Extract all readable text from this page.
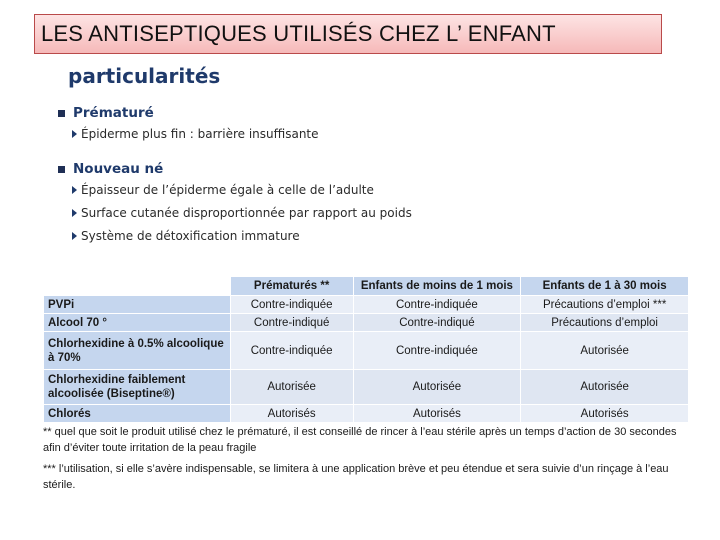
LES ANTISEPTIQUES UTILISÉS CHEZ L’ ENFANT
particularités
Prématuré
Épiderme plus fin : barrière insuffisante
Nouveau né
Épaisseur de l’épiderme égale à celle de l’adulte
Surface cutanée disproportionnée par rapport au poids
Système de détoxification immature
	Prématurés **	Enfants de moins de 1 mois	Enfants de 1 à 30 mois
PVPi	Contre-indiquée	Contre-indiquée	Précautions d’emploi ***
Alcool 70 °	Contre-indiqué	Contre-indiqué	Précautions d’emploi
Chlorhexidine à 0.5% alcoolique à 70%	Contre-indiquée	Contre-indiquée	Autorisée
Chlorhexidine faiblement alcoolisée (Biseptine®)	Autorisée	Autorisée	Autorisée
Chlorés	Autorisés	Autorisés	Autorisés

** quel que soit le produit utilisé chez le prématuré, il est conseillé de rincer à l’eau stérile après un temps d’action de 30 secondes afin d’éviter toute irritation de la peau fragile

*** l’utilisation, si elle s’avère indispensable, se limitera à une application brève et peu étendue et sera suivie d’un rinçage à l’eau stérile.
